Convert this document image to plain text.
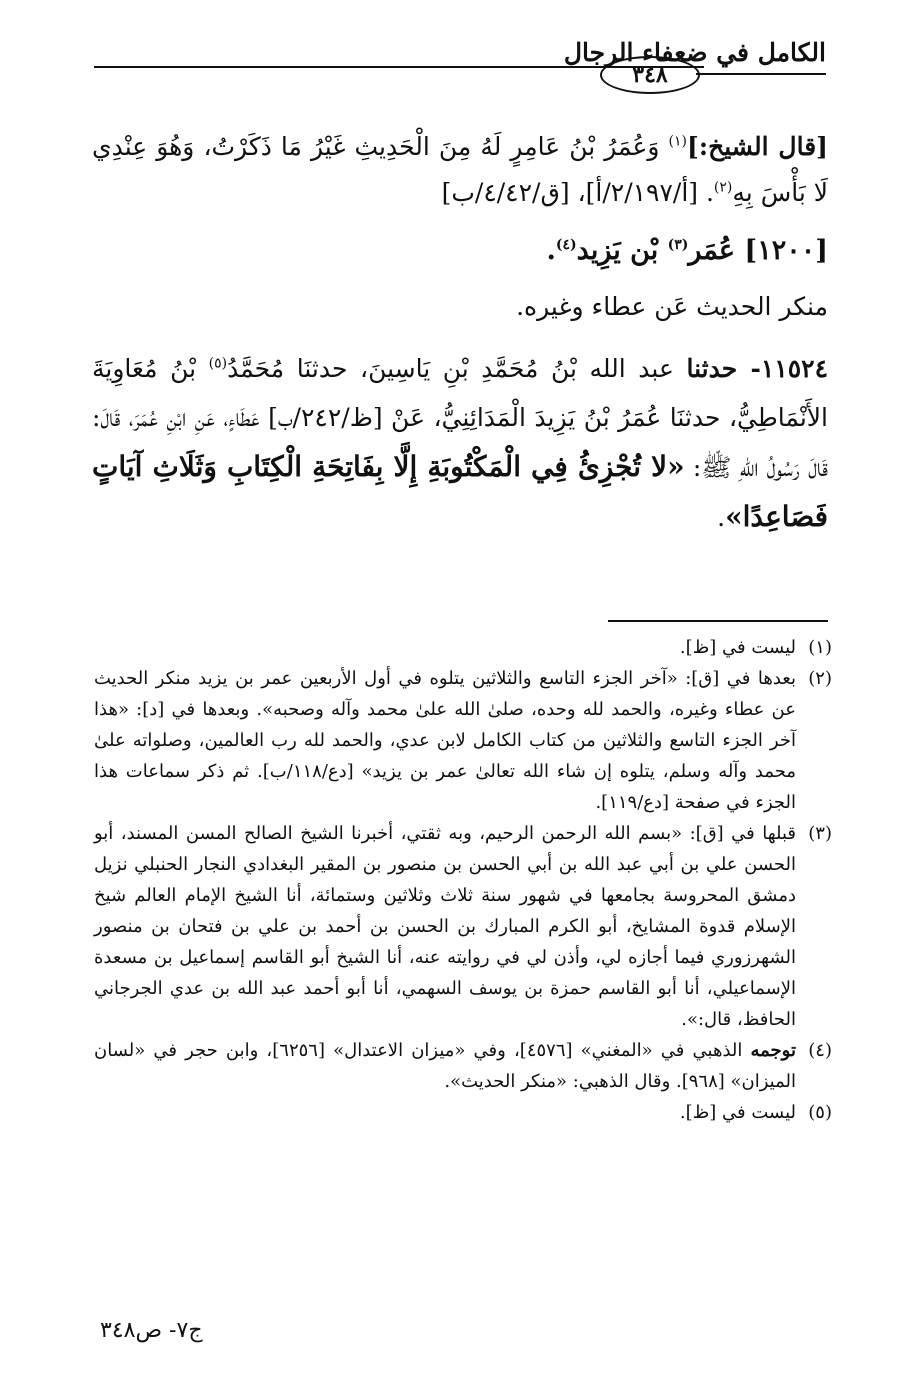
الكامل في ضعفاء الرجال
٣٤٨

[قال الشيخ:]$^{(١)}$ وَعُمَرُ بْنُ عَامِرٍ لَهُ مِنَ الْحَدِيثِ غَيْرُ مَا ذَكَرْتُ، وَهُوَ عِنْدِي لَا بَأْسَ بِهِ$^{(٢)}$. [أ/٢/١٩٧/أ]، [ق/٤/٤٢/ب]

[١٢٠٠] عُمَر$^{(٣)}$ بْن يَزِيد$^{(٤)}$.

منكر الحديث عَن عطاء وغيره.

١١٥٢٤- حدثنا عبد الله بْنُ مُحَمَّدِ بْنِ يَاسِينَ، حدثنَا مُحَمَّدُ$^{(٥)}$ بْنُ مُعَاوِيَةَ الأَنْمَاطِيُّ، حدثنَا عُمَرُ بْنُ يَزِيدَ الْمَدَائِنِيُّ، عَنْ [ظ/٢٤٢/ب] عَطَاءٍ، عَنِ ابْنِ عُمَرَ، قَالَ: قَالَ رَسُولُ اللهِ ﷺ: «لا تُجْزِئُ فِي الْمَكْتُوبَةِ إِلَّا بِفَاتِحَةِ الْكِتَابِ وَثَلَاثِ آيَاتٍ فَصَاعِدًا».

(١)
ليست في [ظ].
(٢)
بعدها في [ق]: «آخر الجزء التاسع والثلاثين يتلوه في أول الأربعين عمر بن يزيد منكر الحديث عن عطاء وغيره، والحمد لله وحده، صلىٰ الله علىٰ محمد وآله وصحبه». وبعدها في [د]: «هذا آخر الجزء التاسع والثلاثين من كتاب الكامل لابن عدي، والحمد لله رب العالمين، وصلواته علىٰ محمد وآله وسلم، يتلوه إن شاء الله تعالىٰ عمر بن يزيد» [دع/١١٨/ب]. ثم ذكر سماعات هذا الجزء في صفحة [دع/١١٩].
(٣)
قبلها في [ق]: «بسم الله الرحمن الرحيم، وبه ثقتي، أخبرنا الشيخ الصالح المسن المسند، أبو الحسن علي بن أبي عبد الله بن أبي الحسن بن منصور بن المقير البغدادي النجار الحنبلي نزيل دمشق المحروسة بجامعها في شهور سنة ثلاث وثلاثين وستمائة، أنا الشيخ الإمام العالم شيخ الإسلام قدوة المشايخ، أبو الكرم المبارك بن الحسن بن أحمد بن علي بن فتحان بن منصور الشهرزوري فيما أجازه لي، وأذن لي في روايته عنه، أنا الشيخ أبو القاسم إسماعيل بن مسعدة الإسماعيلي، أنا أبو القاسم حمزة بن يوسف السهمي، أنا أبو أحمد عبد الله بن عدي الجرجاني الحافظ، قال:».
(٤)
توجمه الذهبي في «المغني» [٤٥٧٦]، وفي «ميزان الاعتدال» [٦٢٥٦]، وابن حجر في «لسان الميزان» [٩٦٨]. وقال الذهبي: «منكر الحديث».
(٥)
ليست في [ظ].
ج٧- ص٣٤٨
